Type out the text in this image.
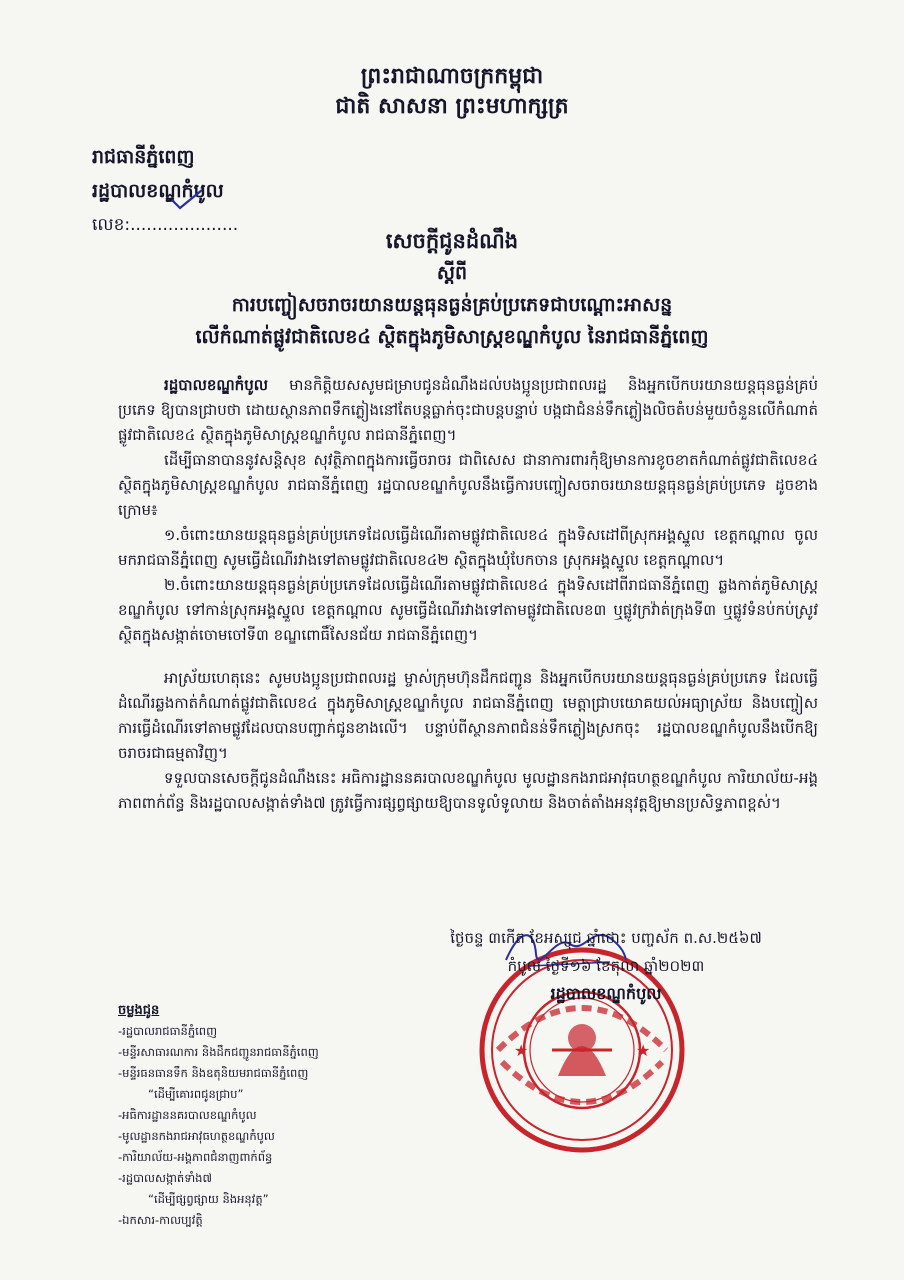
ព្រះរាជាណាចក្រកម្ពុជា
ជាតិ សាសនា ព្រះមហាក្សត្រ
រាជធានីភ្នំពេញ
រដ្ឋបាលខណ្ឌកំបូល
លេខ:....................
សេចក្ដីជូនដំណឹង
ស្ដីពី
ការបញ្ចៀសចរាចរយានយន្តធុនធ្ងន់គ្រប់ប្រភេទជាបណ្ដោះអាសន្ន
លើកំណាត់ផ្លូវជាតិលេខ៤ ស្ថិតក្នុងភូមិសាស្ត្រខណ្ឌកំបូល នៃរាជធានីភ្នំពេញ

រដ្ឋបាលខណ្ឌកំបូល មានកិត្តិយសសូមជម្រាបជូនដំណឹងដល់បងប្អូនប្រជាពលរដ្ឋ និងអ្នកបើកបរយានយន្តធុនធ្ងន់គ្រប់ប្រភេទ ឱ្យបានជ្រាបថា ដោយស្ថានភាពទឹកភ្លៀងនៅតែបន្តធ្លាក់ចុះជាបន្តបន្ទាប់ បង្កជាជំនន់ទឹកភ្លៀងលិចតំបន់មួយចំនួនលើកំណាត់ផ្លូវជាតិលេខ៤ ស្ថិតក្នុងភូមិសាស្ត្រខណ្ឌកំបូល រាជធានីភ្នំពេញ។

ដើម្បីធានាបាននូវសន្តិសុខ សុវត្ថិភាពក្នុងការធ្វើចរាចរ ជាពិសេស ជានាការពារកុំឱ្យមានការខូចខាតកំណាត់ផ្លូវជាតិលេខ៤ ស្ថិតក្នុងភូមិសាស្ត្រខណ្ឌកំបូល រាជធានីភ្នំពេញ រដ្ឋបាលខណ្ឌកំបូលនឹងធ្វើការបញ្ចៀសចរាចរយានយន្តធុនធ្ងន់គ្រប់ប្រភេទ ដូចខាងក្រោម៖

១.ចំពោះយានយន្តធុនធ្ងន់គ្រប់ប្រភេទដែលធ្វើដំណើរតាមផ្លូវជាតិលេខ៤ ក្នុងទិសដៅពីស្រុកអង្គស្នួល ខេត្តកណ្ដាល ចូលមករាជធានីភ្នំពេញ សូមធ្វើដំណើរវាងទៅតាមផ្លូវជាតិលេខ៤២ ស្ថិតក្នុងឃុំបែកចាន ស្រុកអង្គស្នួល ខេត្តកណ្ដាល។

២.ចំពោះយានយន្តធុនធ្ងន់គ្រប់ប្រភេទដែលធ្វើដំណើរតាមផ្លូវជាតិលេខ៤ ក្នុងទិសដៅពីរាជធានីភ្នំពេញ ឆ្លងកាត់ភូមិសាស្ត្រខណ្ឌកំបូល ទៅកាន់ស្រុកអង្គស្នួល ខេត្តកណ្ដាល សូមធ្វើដំណើរវាងទៅតាមផ្លូវជាតិលេខ៣ ឬផ្លូវក្រវ៉ាត់ក្រុងទី៣ ឬផ្លូវទំនប់កប់ស្រូវ ស្ថិតក្នុងសង្កាត់ចោមចៅទី៣ ខណ្ឌពោធិ៍សែនជ័យ រាជធានីភ្នំពេញ។

អាស្រ័យហេតុនេះ សូមបងប្អូនប្រជាពលរដ្ឋ ម្ចាស់ក្រុមហ៊ុនដឹកជញ្ជូន និងអ្នកបើកបរយានយន្តធុនធ្ងន់គ្រប់ប្រភេទ ដែលធ្វើដំណើរឆ្លងកាត់កំណាត់ផ្លូវជាតិលេខ៤ ក្នុងភូមិសាស្ត្រខណ្ឌកំបូល រាជធានីភ្នំពេញ មេត្តាជ្រាបយោគយល់អធ្យាស្រ័យ និងបញ្ចៀសការធ្វើដំណើរទៅតាមផ្លូវដែលបានបញ្ជាក់ជូនខាងលើ។ បន្ទាប់ពីស្ថានភាពជំនន់ទឹកភ្លៀងស្រកចុះ រដ្ឋបាលខណ្ឌកំបូលនឹងបើកឱ្យចរាចរជាធម្មតាវិញ។

ទទួលបានសេចក្ដីជូនដំណឹងនេះ អធិការដ្ឋាននគរបាលខណ្ឌកំបូល មូលដ្ឋានកងរាជអាវុធហត្ថខណ្ឌកំបូល ការិយាល័យ-អង្គភាពពាក់ព័ន្ធ និងរដ្ឋបាលសង្កាត់ទាំង៧ ត្រូវធ្វើការផ្សព្វផ្សាយឱ្យបានទូលំទូលាយ និងចាត់តាំងអនុវត្តឱ្យមានប្រសិទ្ធភាពខ្ពស់។

★	★
ថ្ងៃចន្ទ ៣កើត ខែអស្សុជ ឆ្នាំថោះ បញ្ចស័ក ព.ស.២៥៦៧
កំបូល ថ្ងៃទី១៦ ខែតុលា ឆ្នាំ២០២៣
រដ្ឋបាលខណ្ឌកំបូល
ចម្លងជូន
-រដ្ឋបាលរាជធានីភ្នំពេញ
-មន្ទីរសាធារណការ និងដឹកជញ្ជូនរាជធានីភ្នំពេញ
-មន្ទីរធនធានទឹក និងឧតុនិយមរាជធានីភ្នំពេញ
“ដើម្បីគោរពជូនជ្រាប”
-អធិការដ្ឋាននគរបាលខណ្ឌកំបូល
-មូលដ្ឋានកងរាជអាវុធហត្ថខណ្ឌកំបូល
-ការិយាល័យ-អង្គភាពជំនាញពាក់ព័ន្ធ
-រដ្ឋបាលសង្កាត់ទាំង៧
“ដើម្បីផ្សព្វផ្សាយ និងអនុវត្ត”
-ឯកសារ-កាលប្បវត្តិ
